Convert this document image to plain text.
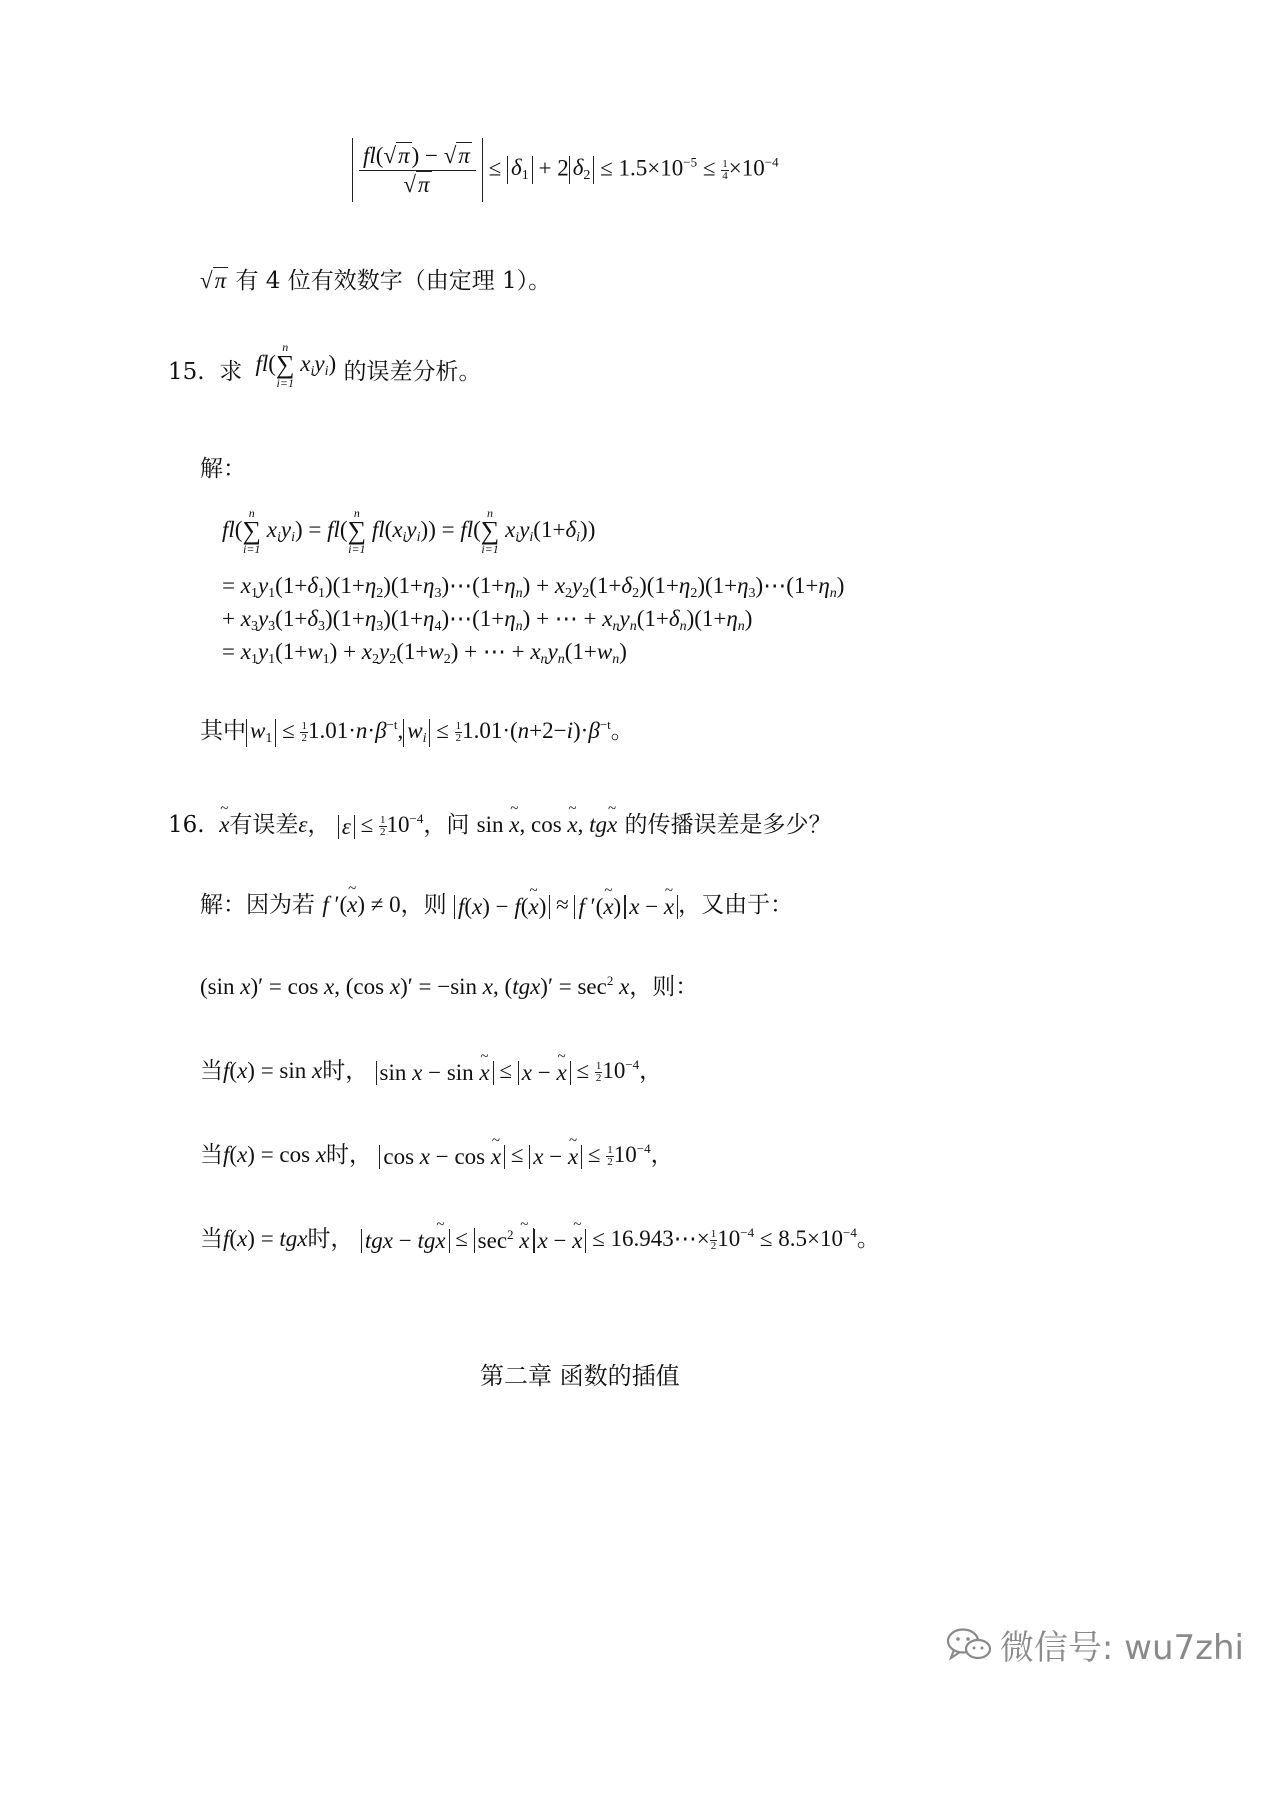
$\frac{fl(√\pi) - √\pi}{√\pi} \le \delta_1 + 2$ $\delta_2 \le 1.5\times 10^{-5} \le \frac{1}{4}\times 10^{-4}$
√π 有 4 位有效数字（由定理 1）。
15. 求 fl(
n
∑
i=1
$x_iy_i$) 的误差分析。
解：
fl(
n
∑
i=1
$x_iy_i) = fl$(
n
∑
i=1
$fl(x_iy_i)) = fl$(
n
∑
i=1
$x_iy_i(1+\delta_i)$)
= $x_1y_1(1+\delta_1)(1+\eta_2)(1+\eta_3)\cdots(1+\eta_n)$ + $x_2y_2(1+\delta_2)(1+\eta_2)(1+\eta_3)\cdots(1+\eta_n)$
+ $x_3y_3(1+\delta_3)(1+\eta_3)(1+\eta_4)\cdots(1+\eta_n)$ + ⋯ + $x_ny_n(1+\delta_n)(1+\eta_n)$
= $x_1y_1(1+w_1) + x_2y_2(1+w_2)$ + ⋯ + $x_ny_n(1+w_n)$
其中 $w_1 \le \frac{1}{2}1.01\cdot n\cdot\beta^{-t}$, $w_i \le \frac{1}{2}1.01\cdot(n+2-i)\cdot\beta^{-t}$。
16. x ~有误差ε， $\varepsilon \le \frac{1}{2}10^{-4}$，问 sin x ~, cos x ~, tgx ~ 的传播误差是多少？
解：因为若 f ′(x ~) ≠ 0，则 f(x) − f(x ~) ≈ f ′(x ~) x − x ~ ，又由于：
(sin x)′ = cos x, (cos x)′ = −sin x, $(tgx)' = \sec^2 x$，则：
当f(x) = sin x时， sin x − sin x ~ ≤ x − x ~ ≤ $\frac{1}{2}10^{-4}$，
当f(x) = cos x时， cos x − cos x ~ ≤ x − x ~ ≤ $\frac{1}{2}10^{-4}$，
当f(x) = tgx时， tgx − tgx ~ ≤ $\sec^2 x$ ~ x − x ~ ≤ 16.943⋯× $\frac{1}{2}10^{-4} \le 8.5\times 10^{-4}$。
第二章 函数的插值
微信号: wu7zhi
